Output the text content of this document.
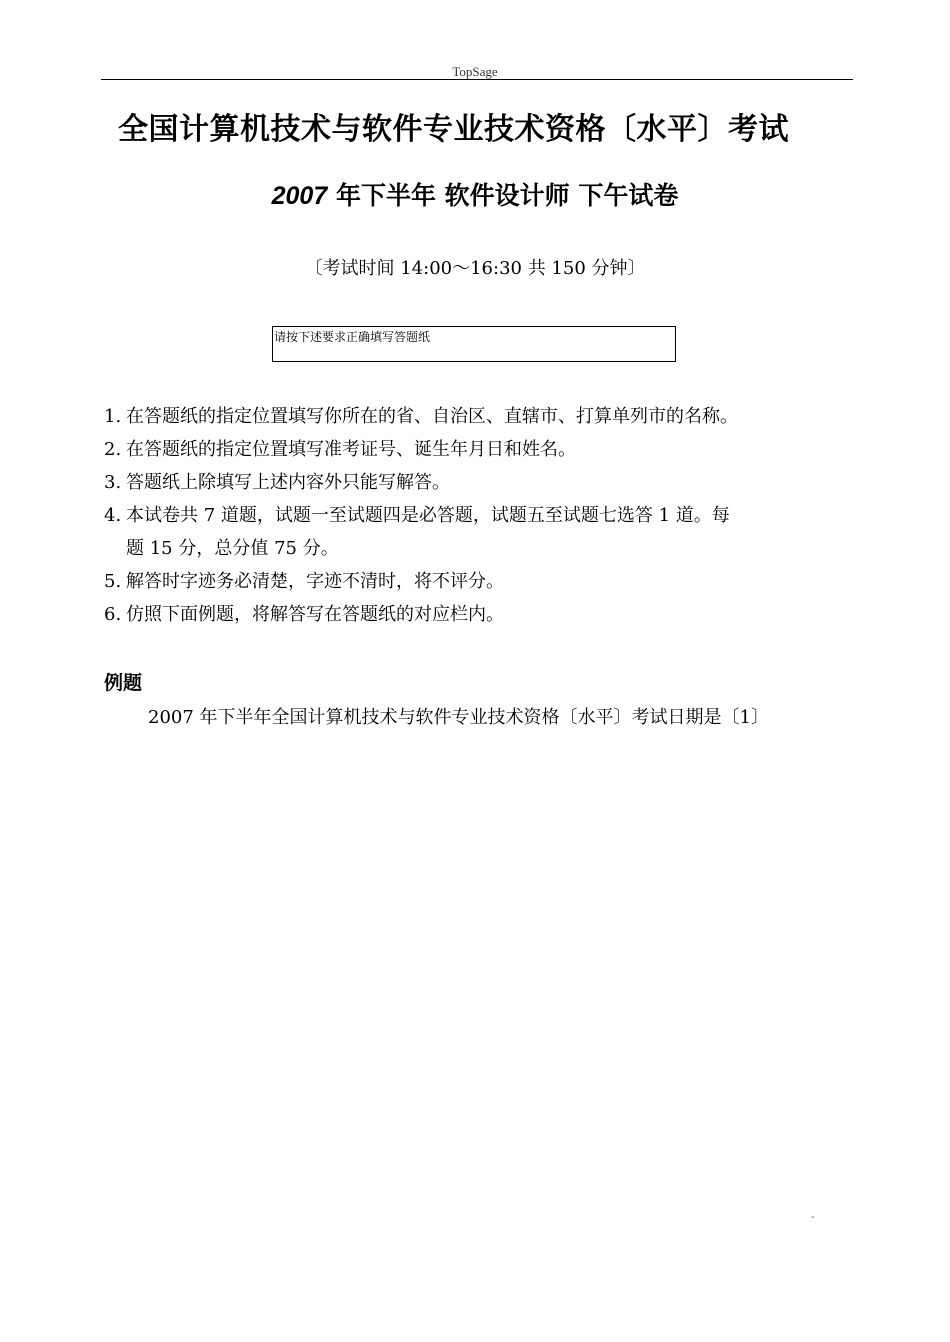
TopSage
全国计算机技术与软件专业技术资格〔水平〕考试
2007 年下半年 软件设计师 下午试卷
〔考试时间 14:00～16:30 共 150 分钟〕
请按下述要求正确填写答题纸
1. 在答题纸的指定位置填写你所在的省、自治区、直辖市、打算单列市的名称。
2. 在答题纸的指定位置填写准考证号、诞生年月日和姓名。
3. 答题纸上除填写上述内容外只能写解答。
4. 本试卷共 7 道题，试题一至试题四是必答题，试题五至试题七选答 1 道。每
题 15 分，总分值 75 分。
5. 解答时字迹务必清楚，字迹不清时，将不评分。
6. 仿照下面例题，将解答写在答题纸的对应栏内。
例题
2007 年下半年全国计算机技术与软件专业技术资格〔水平〕考试日期是〔1〕
-
